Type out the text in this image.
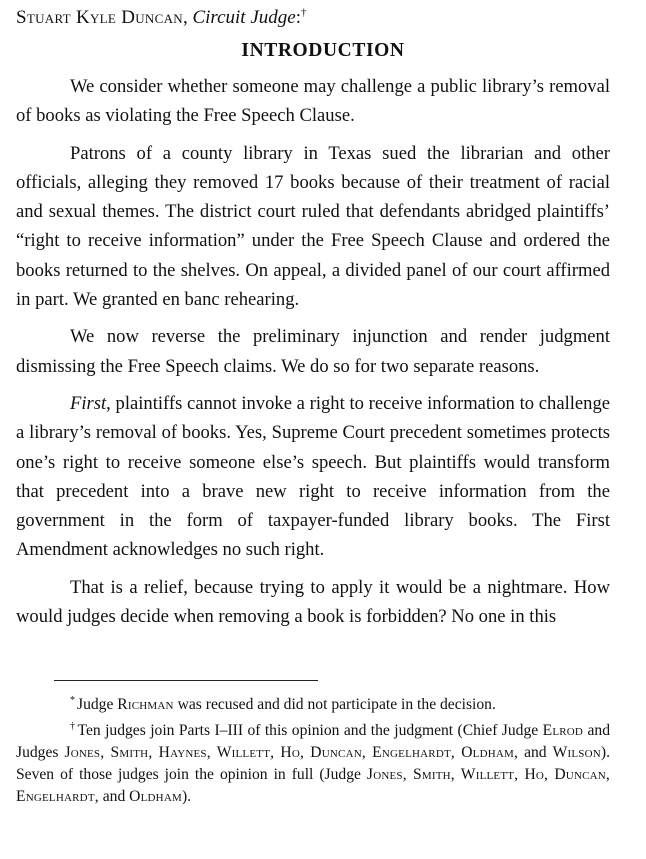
Stuart Kyle Duncan, Circuit Judge:†
INTRODUCTION

We consider whether someone may challenge a public library’s removal of books as violating the Free Speech Clause.

Patrons of a county library in Texas sued the librarian and other officials, alleging they removed 17 books because of their treatment of racial and sexual themes. The district court ruled that defendants abridged plaintiffs’ “right to receive information” under the Free Speech Clause and ordered the books returned to the shelves. On appeal, a divided panel of our court affirmed in part. We granted en banc rehearing.

We now reverse the preliminary injunction and render judgment dismissing the Free Speech claims. We do so for two separate reasons.

First, plaintiffs cannot invoke a right to receive information to challenge a library’s removal of books. Yes, Supreme Court precedent sometimes protects one’s right to receive someone else’s speech. But plaintiffs would transform that precedent into a brave new right to receive information from the government in the form of taxpayer-funded library books. The First Amendment acknowledges no such right.

That is a relief, because trying to apply it would be a nightmare. How would judges decide when removing a book is forbidden? No one in this

* Judge Richman was recused and did not participate in the decision.

† Ten judges join Parts I–III of this opinion and the judgment (Chief Judge Elrod and Judges Jones, Smith, Haynes, Willett, Ho, Duncan, Engelhardt, Oldham, and Wilson). Seven of those judges join the opinion in full (Judge Jones, Smith, Willett, Ho, Duncan, Engelhardt, and Oldham).
